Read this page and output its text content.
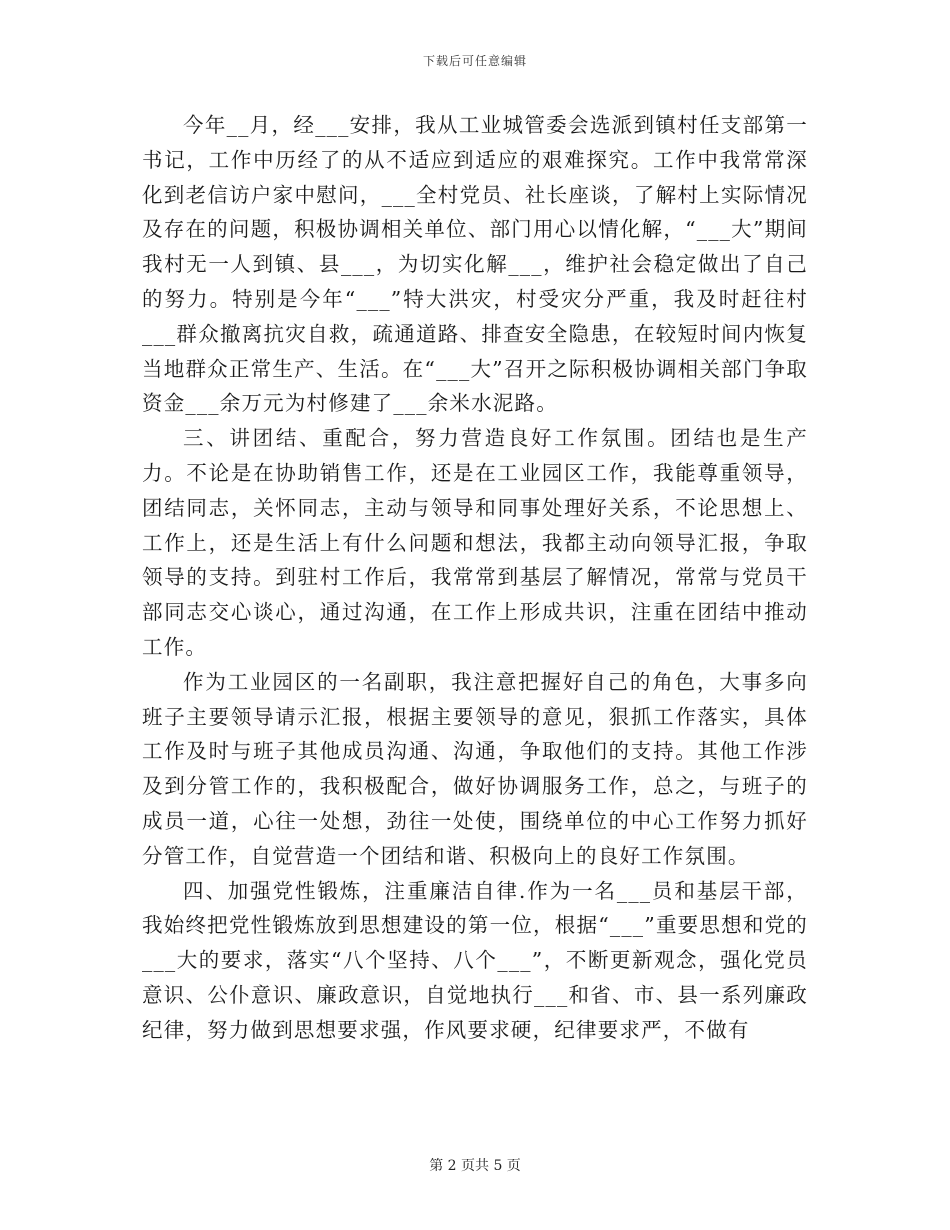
下载后可任意编辑

今年__月，经___安排，我从工业城管委会选派到镇村任支部第一书记，工作中历经了的从不适应到适应的艰难探究。工作中我常常深化到老信访户家中慰问，___全村党员、社长座谈，了解村上实际情况及存在的问题，积极协调相关单位、部门用心以情化解，“___大”期间我村无一人到镇、县___，为切实化解___，维护社会稳定做出了自己的努力。特别是今年“___”特大洪灾，村受灾分严重，我及时赶往村___群众撤离抗灾自救，疏通道路、排查安全隐患，在较短时间内恢复当地群众正常生产、生活。在“___大”召开之际积极协调相关部门争取资金___余万元为村修建了___余米水泥路。

三、讲团结、重配合，努力营造良好工作氛围。团结也是生产力。不论是在协助销售工作，还是在工业园区工作，我能尊重领导，团结同志，关怀同志，主动与领导和同事处理好关系，不论思想上、工作上，还是生活上有什么问题和想法，我都主动向领导汇报，争取领导的支持。到驻村工作后，我常常到基层了解情况，常常与党员干部同志交心谈心，通过沟通，在工作上形成共识，注重在团结中推动工作。

作为工业园区的一名副职，我注意把握好自己的角色，大事多向班子主要领导请示汇报，根据主要领导的意见，狠抓工作落实，具体工作及时与班子其他成员沟通、沟通，争取他们的支持。其他工作涉及到分管工作的，我积极配合，做好协调服务工作，总之，与班子的成员一道，心往一处想，劲往一处使，围绕单位的中心工作努力抓好分管工作，自觉营造一个团结和谐、积极向上的良好工作氛围。

四、加强党性锻炼，注重廉洁自律.作为一名___员和基层干部，我始终把党性锻炼放到思想建设的第一位，根据“___”重要思想和党的___大的要求，落实“八个坚持、八个___”，不断更新观念，强化党员意识、公仆意识、廉政意识，自觉地执行___和省、市、县一系列廉政纪律，努力做到思想要求强，作风要求硬，纪律要求严，不做有

第 2 页共 5 页
